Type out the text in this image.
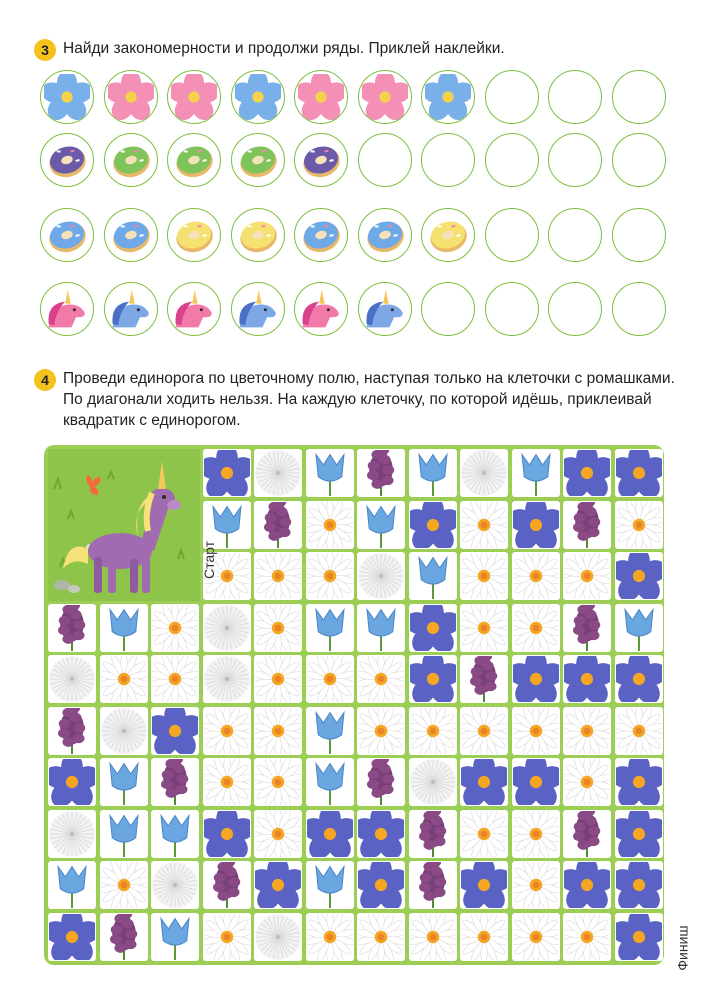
3 Найди закономерности и продолжи ряды. Приклей наклейки.
4 Проведи единорога по цветочному полю, наступая только на клеточки с ромашками. По диагонали ходить нельзя. На каждую клеточку, по которой идёшь, приклеивай квадратик с единорогом.
Старт
Финиш
